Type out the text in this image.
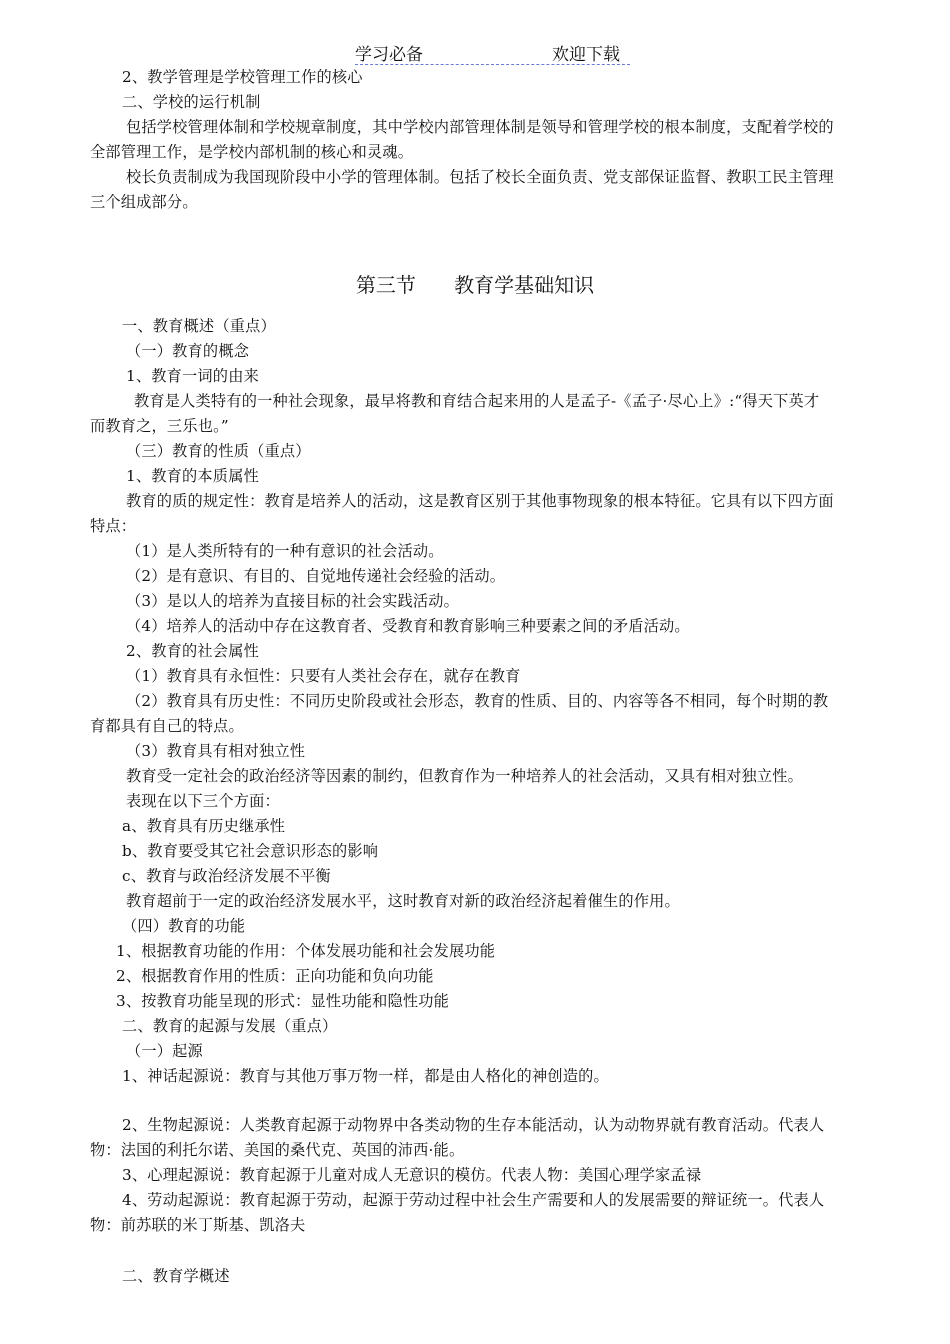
学习必备	欢迎下载
2、教学管理是学校管理工作的核心
二、学校的运行机制
包括学校管理体制和学校规章制度，其中学校内部管理体制是领导和管理学校的根本制度，支配着学校的
全部管理工作，是学校内部机制的核心和灵魂。
校长负责制成为我国现阶段中小学的管理体制。包括了校长全面负责、党支部保证监督、教职工民主管理
三个组成部分。
第三节      教育学基础知识
一、教育概述（重点）
（一）教育的概念
1、教育一词的由来
教育是人类特有的一种社会现象，最早将教和育结合起来用的人是孟子-《孟子·尽心上》:“得天下英才
而教育之，三乐也。”
（三）教育的性质（重点）
1、教育的本质属性
教育的质的规定性：教育是培养人的活动，这是教育区别于其他事物现象的根本特征。它具有以下四方面
特点：
（1）是人类所特有的一种有意识的社会活动。
（2）是有意识、有目的、自觉地传递社会经验的活动。
（3）是以人的培养为直接目标的社会实践活动。
（4）培养人的活动中存在这教育者、受教育和教育影响三种要素之间的矛盾活动。
2、教育的社会属性
（1）教育具有永恒性：只要有人类社会存在，就存在教育
（2）教育具有历史性：不同历史阶段或社会形态，教育的性质、目的、内容等各不相同，每个时期的教
育都具有自己的特点。
（3）教育具有相对独立性
教育受一定社会的政治经济等因素的制约，但教育作为一种培养人的社会活动，又具有相对独立性。
表现在以下三个方面：
a、教育具有历史继承性
b、教育要受其它社会意识形态的影响
c、教育与政治经济发展不平衡
教育超前于一定的政治经济发展水平，这时教育对新的政治经济起着催生的作用。
（四）教育的功能
1、根据教育功能的作用：个体发展功能和社会发展功能
2、根据教育作用的性质：正向功能和负向功能
3、按教育功能呈现的形式：显性功能和隐性功能
二、教育的起源与发展（重点）
（一）起源
1、神话起源说：教育与其他万事万物一样，都是由人格化的神创造的。
2、生物起源说：人类教育起源于动物界中各类动物的生存本能活动，认为动物界就有教育活动。代表人
物：法国的利托尔诺、美国的桑代克、英国的沛西·能。
3、心理起源说：教育起源于儿童对成人无意识的模仿。代表人物：美国心理学家孟禄
4、劳动起源说：教育起源于劳动，起源于劳动过程中社会生产需要和人的发展需要的辩证统一。代表人
物：前苏联的米丁斯基、凯洛夫
二、教育学概述
